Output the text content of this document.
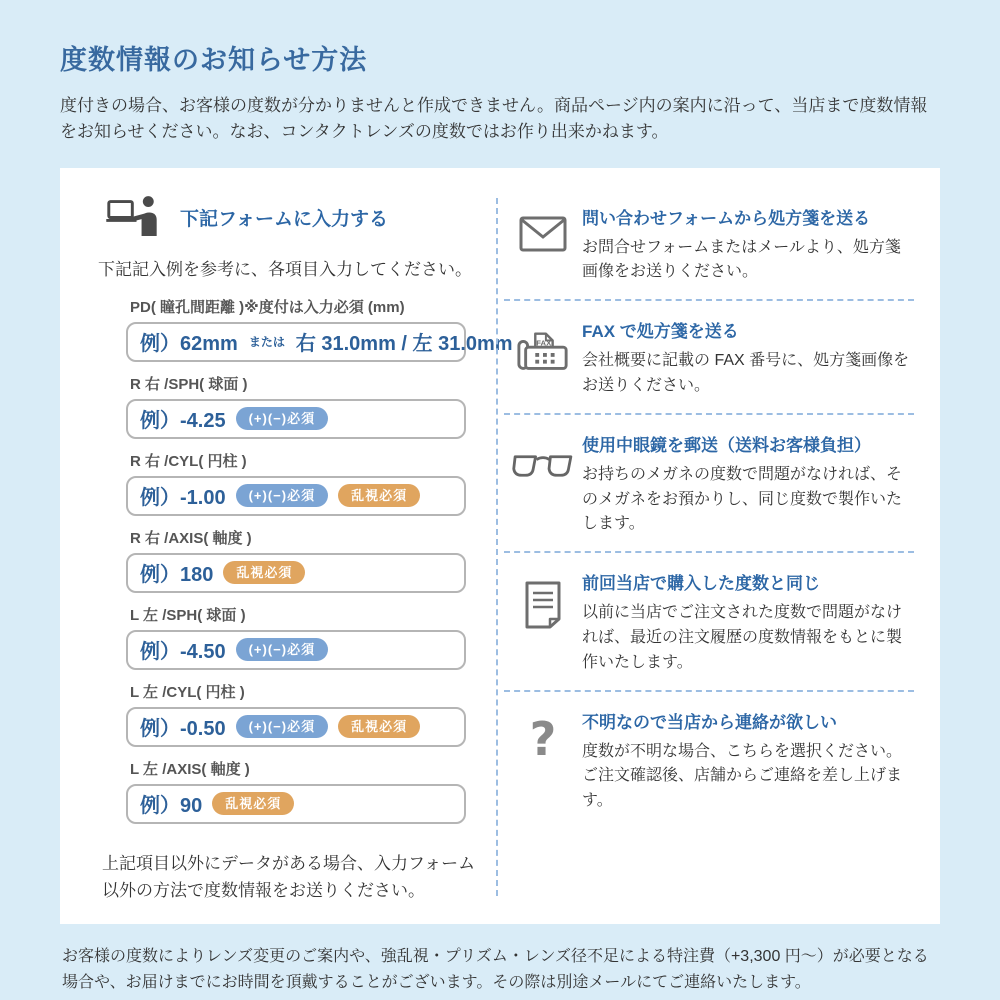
度数情報のお知らせ方法

度付きの場合、お客様の度数が分かりませんと作成できません。商品ページ内の案内に沿って、当店まで度数情報をお知らせください。なお、コンタクトレンズの度数ではお作り出来かねます。

下記フォームに入力する

下記記入例を参考に、各項目入力してください。

PD( 瞳孔間距離 )※度付は入力必須 (mm)
例）62mm または 右 31.0mm / 左 31.0mm
R 右 /SPH( 球面 )
例）-4.25	(+)(−)必須
R 右 /CYL( 円柱 )
例）-1.00	(+)(−)必須	乱視必須
R 右 /AXIS( 軸度 )
例）180	乱視必須
L 左 /SPH( 球面 )
例）-4.50	(+)(−)必須
L 左 /CYL( 円柱 )
例）-0.50	(+)(−)必須	乱視必須
L 左 /AXIS( 軸度 )
例）90	乱視必須

上記項目以外にデータがある場合、入力フォーム以外の方法で度数情報をお送りください。

問い合わせフォームから処方箋を送る

お問合せフォームまたはメールより、処方箋画像をお送りください。

FAX
FAX で処方箋を送る

会社概要に記載の FAX 番号に、処方箋画像をお送りください。

使用中眼鏡を郵送（送料お客様負担）

お持ちのメガネの度数で問題がなければ、そのメガネをお預かりし、同じ度数で製作いたします。

前回当店で購入した度数と同じ

以前に当店でご注文された度数で問題がなければ、最近の注文履歴の度数情報をもとに製作いたします。

? 不明なので当店から連絡が欲しい

度数が不明な場合、こちらを選択ください。ご注文確認後、店舗からご連絡を差し上げます。

お客様の度数によりレンズ変更のご案内や、強乱視・プリズム・レンズ径不足による特注費（+3,300 円〜）が必要となる場合や、お届けまでにお時間を頂戴することがございます。その際は別途メールにてご連絡いたします。
